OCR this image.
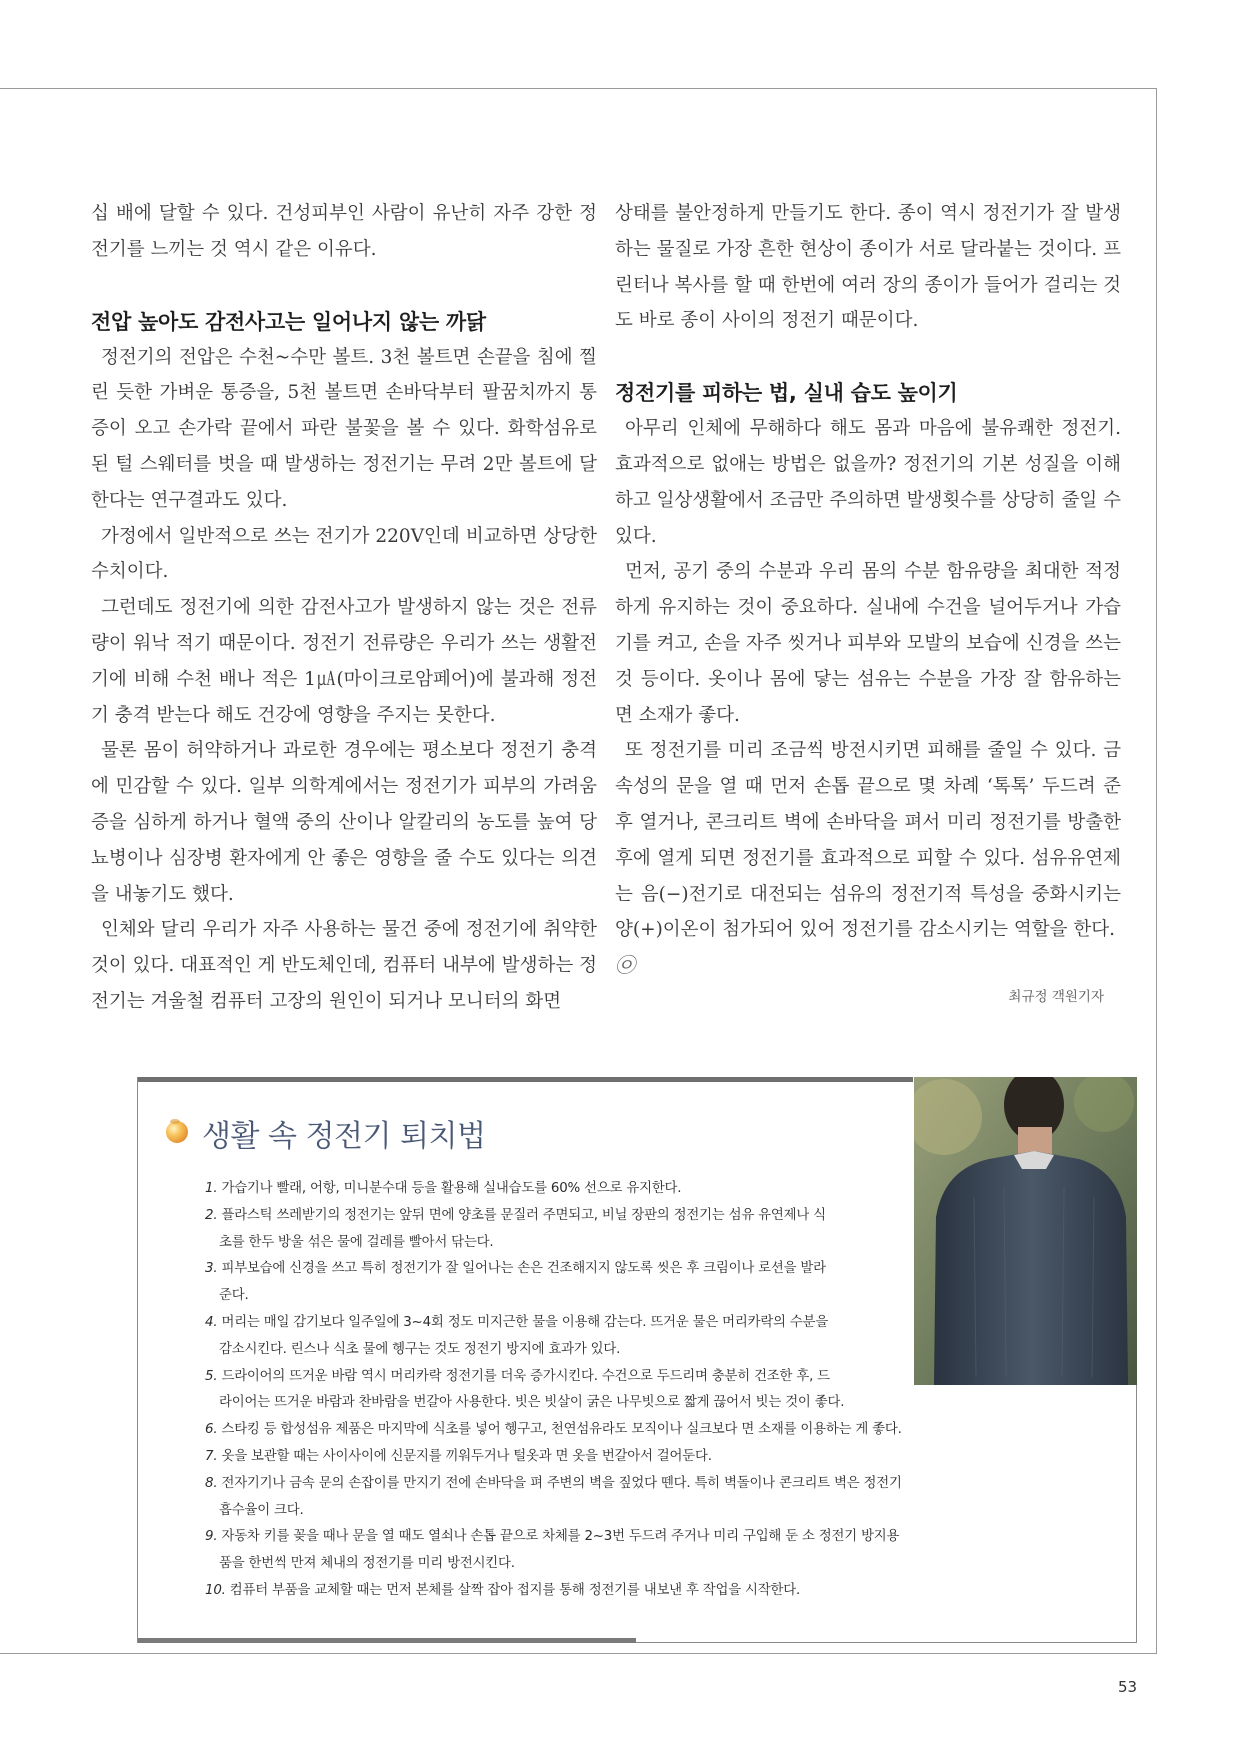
십 배에 달할 수 있다. 건성피부인 사람이 유난히 자주 강한 정전기를 느끼는 것 역시 같은 이유다.

전압 높아도 감전사고는 일어나지 않는 까닭

정전기의 전압은 수천~수만 볼트. 3천 볼트면 손끝을 침에 찔린 듯한 가벼운 통증을, 5천 볼트면 손바닥부터 팔꿈치까지 통증이 오고 손가락 끝에서 파란 불꽃을 볼 수 있다. 화학섬유로 된 털 스웨터를 벗을 때 발생하는 정전기는 무려 2만 볼트에 달한다는 연구결과도 있다.

가정에서 일반적으로 쓰는 전기가 220V인데 비교하면 상당한 수치이다.

그런데도 정전기에 의한 감전사고가 발생하지 않는 것은 전류량이 워낙 적기 때문이다. 정전기 전류량은 우리가 쓰는 생활전기에 비해 수천 배나 적은 1㎂(마이크로암페어)에 불과해 정전기 충격 받는다 해도 건강에 영향을 주지는 못한다.

물론 몸이 허약하거나 과로한 경우에는 평소보다 정전기 충격에 민감할 수 있다. 일부 의학계에서는 정전기가 피부의 가려움증을 심하게 하거나 혈액 중의 산이나 알칼리의 농도를 높여 당뇨병이나 심장병 환자에게 안 좋은 영향을 줄 수도 있다는 의견을 내놓기도 했다.

인체와 달리 우리가 자주 사용하는 물건 중에 정전기에 취약한 것이 있다. 대표적인 게 반도체인데, 컴퓨터 내부에 발생하는 정전기는 겨울철 컴퓨터 고장의 원인이 되거나 모니터의 화면

상태를 불안정하게 만들기도 한다. 종이 역시 정전기가 잘 발생하는 물질로 가장 흔한 현상이 종이가 서로 달라붙는 것이다. 프린터나 복사를 할 때 한번에 여러 장의 종이가 들어가 걸리는 것도 바로 종이 사이의 정전기 때문이다.

정전기를 피하는 법, 실내 습도 높이기

아무리 인체에 무해하다 해도 몸과 마음에 불유쾌한 정전기. 효과적으로 없애는 방법은 없을까? 정전기의 기본 성질을 이해하고 일상생활에서 조금만 주의하면 발생횟수를 상당히 줄일 수 있다.

먼저, 공기 중의 수분과 우리 몸의 수분 함유량을 최대한 적정하게 유지하는 것이 중요하다. 실내에 수건을 널어두거나 가습기를 켜고, 손을 자주 씻거나 피부와 모발의 보습에 신경을 쓰는 것 등이다. 옷이나 몸에 닿는 섬유는 수분을 가장 잘 함유하는 면 소재가 좋다.

또 정전기를 미리 조금씩 방전시키면 피해를 줄일 수 있다. 금속성의 문을 열 때 먼저 손톱 끝으로 몇 차례 ‘톡톡’ 두드려 준 후 열거나, 콘크리트 벽에 손바닥을 펴서 미리 정전기를 방출한 후에 열게 되면 정전기를 효과적으로 피할 수 있다. 섬유유연제는 음(−)전기로 대전되는 섬유의 정전기적 특성을 중화시키는 양(+)이온이 첨가되어 있어 정전기를 감소시키는 역할을 한다.

㉧
최규정 객원기자
생활 속 정전기 퇴치법
1. 가습기나 빨래, 어항, 미니분수대 등을 활용해 실내습도를 60% 선으로 유지한다.
2. 플라스틱 쓰레받기의 정전기는 앞뒤 면에 양초를 문질러 주면되고, 비닐 장판의 정전기는 섬유 유연제나 식
초를 한두 방울 섞은 물에 걸레를 빨아서 닦는다.
3. 피부보습에 신경을 쓰고 특히 정전기가 잘 일어나는 손은 건조해지지 않도록 씻은 후 크림이나 로션을 발라
준다.
4. 머리는 매일 감기보다 일주일에 3~4회 정도 미지근한 물을 이용해 감는다. 뜨거운 물은 머리카락의 수분을
감소시킨다. 린스나 식초 물에 헹구는 것도 정전기 방지에 효과가 있다.
5. 드라이어의 뜨거운 바람 역시 머리카락 정전기를 더욱 증가시킨다. 수건으로 두드리며 충분히 건조한 후, 드
라이어는 뜨거운 바람과 찬바람을 번갈아 사용한다. 빗은 빗살이 굵은 나무빗으로 짧게 끊어서 빗는 것이 좋다.
6. 스타킹 등 합성섬유 제품은 마지막에 식초를 넣어 헹구고, 천연섬유라도 모직이나 실크보다 면 소재를 이용하는 게 좋다.
7. 옷을 보관할 때는 사이사이에 신문지를 끼워두거나 털옷과 면 옷을 번갈아서 걸어둔다.
8. 전자기기나 금속 문의 손잡이를 만지기 전에 손바닥을 펴 주변의 벽을 짚었다 뗀다. 특히 벽돌이나 콘크리트 벽은 정전기
흡수율이 크다.
9. 자동차 키를 꽂을 때나 문을 열 때도 열쇠나 손톱 끝으로 차체를 2~3번 두드려 주거나 미리 구입해 둔 소 정전기 방지용
품을 한번씩 만져 체내의 정전기를 미리 방전시킨다.
10. 컴퓨터 부품을 교체할 때는 먼저 본체를 살짝 잡아 접지를 통해 정전기를 내보낸 후 작업을 시작한다.
53
